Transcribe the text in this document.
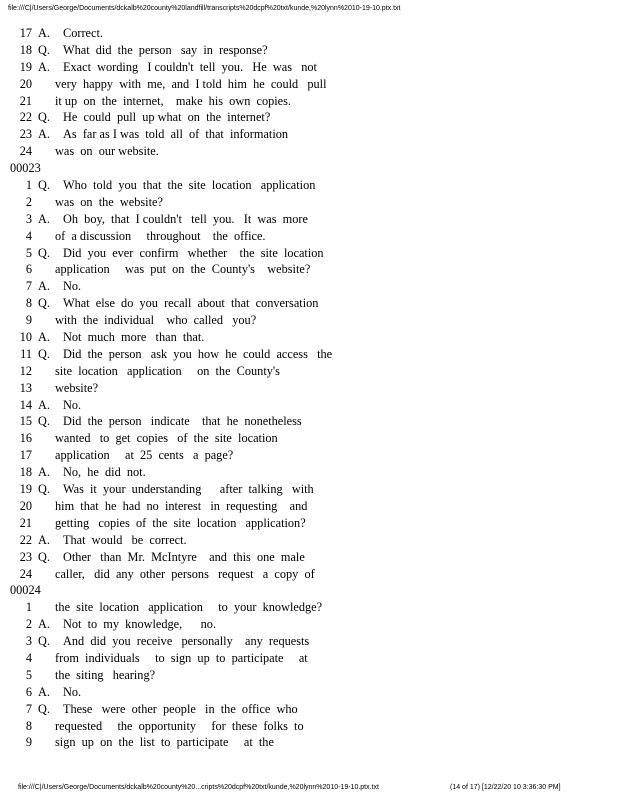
file:///C|/Users/George/Documents/dckalb%20county%20landfill/transcripts%20dcpf%20txt/kunde,%20lynn%2010-19-10.ptx.txt
17 A. Correct.
18 Q. What  did  the  person   say  in  response?
19 A. Exact  wording   I couldn't  tell  you.   He  was   not
20 very  happy  with  me,  and  I told  him  he  could   pull
21 it up  on  the  internet,    make  his  own  copies.
22 Q. He  could  pull  up what  on  the  internet?
23 A. As  far as I was  told  all  of  that  information
24 was  on  our website.
00023
1 Q. Who  told  you  that  the  site  location   application
2 was  on  the  website?
3 A. Oh  boy,  that  I couldn't   tell  you.   It  was  more
4 of  a discussion     throughout    the  office.
5 Q. Did  you  ever  confirm   whether    the  site  location
6 application     was  put  on  the  County's    website?
7 A. No.
8 Q. What  else  do  you  recall  about  that  conversation
9 with  the  individual    who  called   you?
10 A. Not  much  more   than  that.
11 Q. Did  the  person   ask  you  how  he  could  access   the
12 site  location   application     on  the  County's
13 website?
14 A. No.
15 Q. Did  the  person   indicate    that  he  nonetheless
16 wanted   to  get  copies   of  the  site  location
17 application     at  25  cents   a  page?
18 A. No,  he  did  not.
19 Q. Was  it  your  understanding      after  talking   with
20 him  that  he  had  no  interest   in  requesting    and
21 getting   copies  of  the  site  location   application?
22 A. That  would   be  correct.
23 Q. Other   than  Mr.  McIntyre    and  this  one  male
24 caller,   did  any  other  persons   request   a  copy  of
00024
1 the  site  location   application     to  your  knowledge?
2 A. Not  to  my  knowledge,      no.
3 Q. And  did  you  receive   personally    any  requests
4 from  individuals     to  sign  up  to  participate     at
5 the  siting   hearing?
6 A. No.
7 Q. These   were  other  people   in  the  office  who
8 requested     the  opportunity     for  these  folks  to
9 sign  up  on  the  list  to  participate     at  the
file:///C|/Users/George/Documents/dckalb%20county%20...cripts%20dcpf%20txt/kunde,%20lynn%2010-19-10.ptx.txt	(14 of 17) [12/22/20 10 3:36:30 PM]
